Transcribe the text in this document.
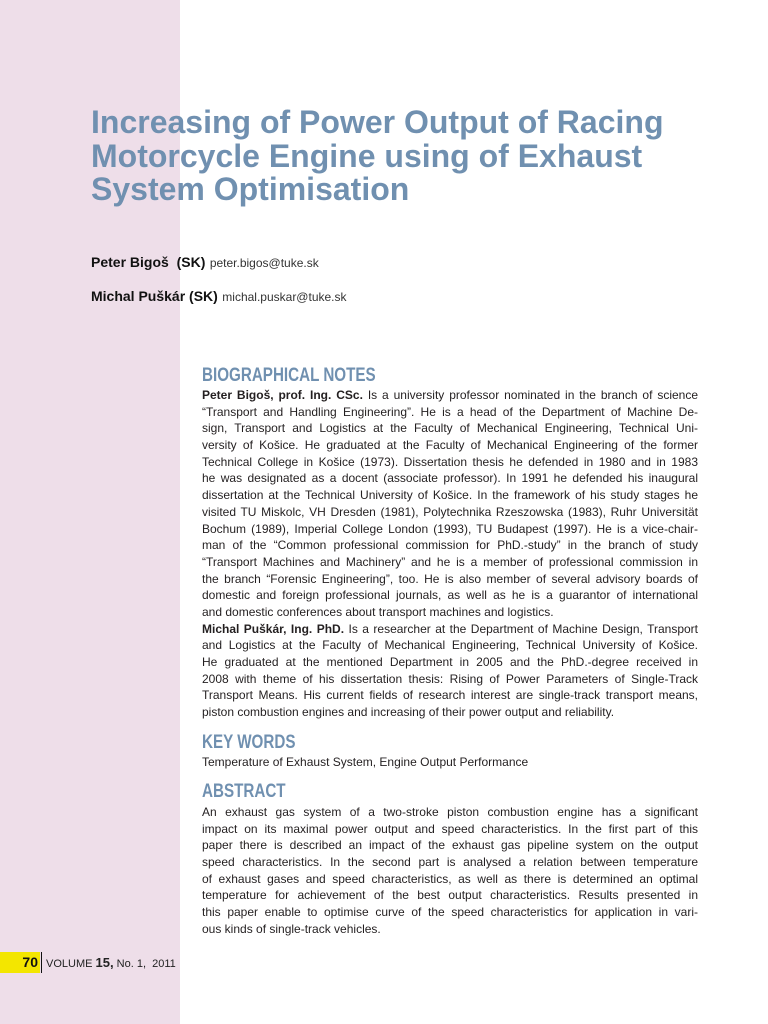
Increasing of Power Output of Racing
Motorcycle Engine using of Exhaust
System Optimisation
Peter Bigoš  (SK) peter.bigos@tuke.sk
Michal Puškár (SK) michal.puskar@tuke.sk
BIOGRAPHICAL NOTES
Peter Bigoš, prof. Ing. CSc. Is a university professor nominated in the branch of science
“Transport and Handling Engineering”. He is a head of the Department of Machine De-
sign, Transport and Logistics at the Faculty of Mechanical Engineering, Technical Uni-
versity of Košice. He graduated at the Faculty of Mechanical Engineering of the former
Technical College in Košice (1973). Dissertation thesis he defended in 1980 and in 1983
he was designated as a docent (associate professor). In 1991 he defended his inaugural
dissertation at the Technical University of Košice. In the framework of his study stages he
visited TU Miskolc, VH Dresden (1981), Polytechnika Rzeszowska (1983), Ruhr Universität
Bochum (1989), Imperial College London (1993), TU Budapest (1997). He is a vice-chair-
man of the “Common professional commission for PhD.-study” in the branch of study
“Transport Machines and Machinery” and he is a member of professional commission in
the branch “Forensic Engineering”, too. He is also member of several advisory boards of
domestic and foreign professional journals, as well as he is a guarantor of international
and domestic conferences about transport machines and logistics.
Michal Puškár, Ing. PhD. Is a researcher at the Department of Machine Design, Transport
and Logistics at the Faculty of Mechanical Engineering, Technical University of Košice.
He graduated at the mentioned Department in 2005 and the PhD.-degree received in
2008 with theme of his dissertation thesis: Rising of Power Parameters of Single-Track
Transport Means. His current fields of research interest are single-track transport means,
piston combustion engines and increasing of their power output and reliability.
KEY WORDS
Temperature of Exhaust System, Engine Output Performance
ABSTRACT
An exhaust gas system of a two-stroke piston combustion engine has a significant
impact on its maximal power output and speed characteristics. In the first part of this
paper there is described an impact of the exhaust gas pipeline system on the output
speed characteristics. In the second part is analysed a relation between temperature
of exhaust gases and speed characteristics, as well as there is determined an optimal
temperature for achievement of the best output characteristics. Results presented in
this paper enable to optimise curve of the speed characteristics for application in vari-
ous kinds of single-track vehicles.
70 VOLUME 15, No. 1,  2011
